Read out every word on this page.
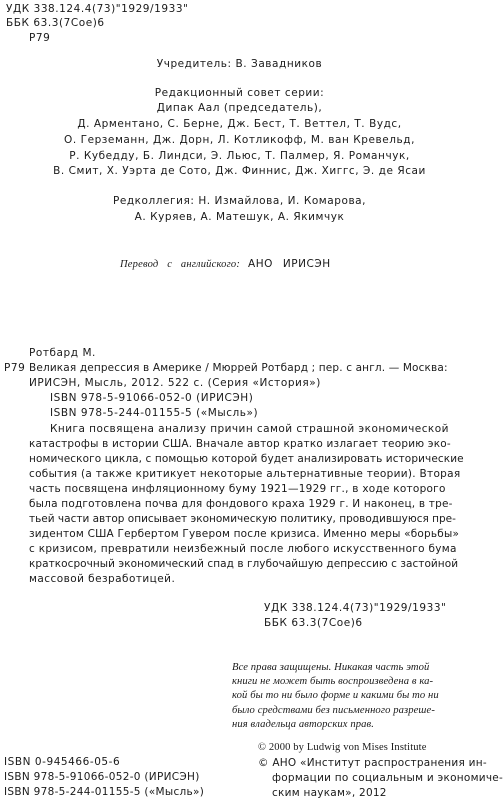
УДК 338.124.4(73)"1929/1933"
ББК 63.3(7Сое)6
Р79
Учредитель: В. Завадников
Редакционный совет серии:
Дипак Аал (председатель),
Д. Арментано, С. Берне, Дж. Бест, Т. Веттел, Т. Вудс,
О. Герземанн, Дж. Дорн, Л. Котликофф, М. ван Кревельд,
Р. Кубедду, Б. Линдси, Э. Льюс, Т. Палмер, Я. Романчук,
В. Смит, Х. Уэрта де Сото, Дж. Финнис, Дж. Хиггс, Э. де Ясаи
Редколлегия: Н. Измайлова, И. Комарова,
А. Куряев, А. Матешук, А. Якимчук
Перевод с английского: АНО ИРИСЭН
Ротбард М.
Р79 Великая депрессия в Америке / Мюррей Ротбард ; пер. с англ. — Москва:
ИРИСЭН, Мысль, 2012. 522 с. (Серия «История»)
ISBN 978-5-91066-052-0 (ИРИСЭН)
ISBN 978-5-244-01155-5 («Мысль»)
Книга посвящена анализу причин самой страшной экономической
катастрофы в истории США. Вначале автор кратко излагает теорию эко-
номического цикла, с помощью которой будет анализировать исторические
события (а также критикует некоторые альтернативные теории). Вторая
часть посвящена инфляционному буму 1921—1929 гг., в ходе которого
была подготовлена почва для фондового краха 1929 г. И наконец, в тре-
тьей части автор описывает экономическую политику, проводившуюся пре-
зидентом США Гербертом Гувером после кризиса. Именно меры «борьбы»
с кризисом, превратили неизбежный после любого искусственного бума
краткосрочный экономический спад в глубочайшую депрессию с застойной
массовой безработицей.
УДК 338.124.4(73)"1929/1933"
ББК 63.3(7Сое)6
Все права защищены. Никакая часть этой
книги не может быть воспроизведена в ка-
кой бы то ни было форме и какими бы то ни
было средствами без письменного разреше-
ния владельца авторских прав.
ISBN 0-945466-05-6
ISBN 978-5-91066-052-0 (ИРИСЭН)
ISBN 978-5-244-01155-5 («Мысль»)
© 2000 by Ludwig von Mises Institute
© АНО «Институт распространения ин-
формации по социальным и экономиче-
ским наукам», 2012
